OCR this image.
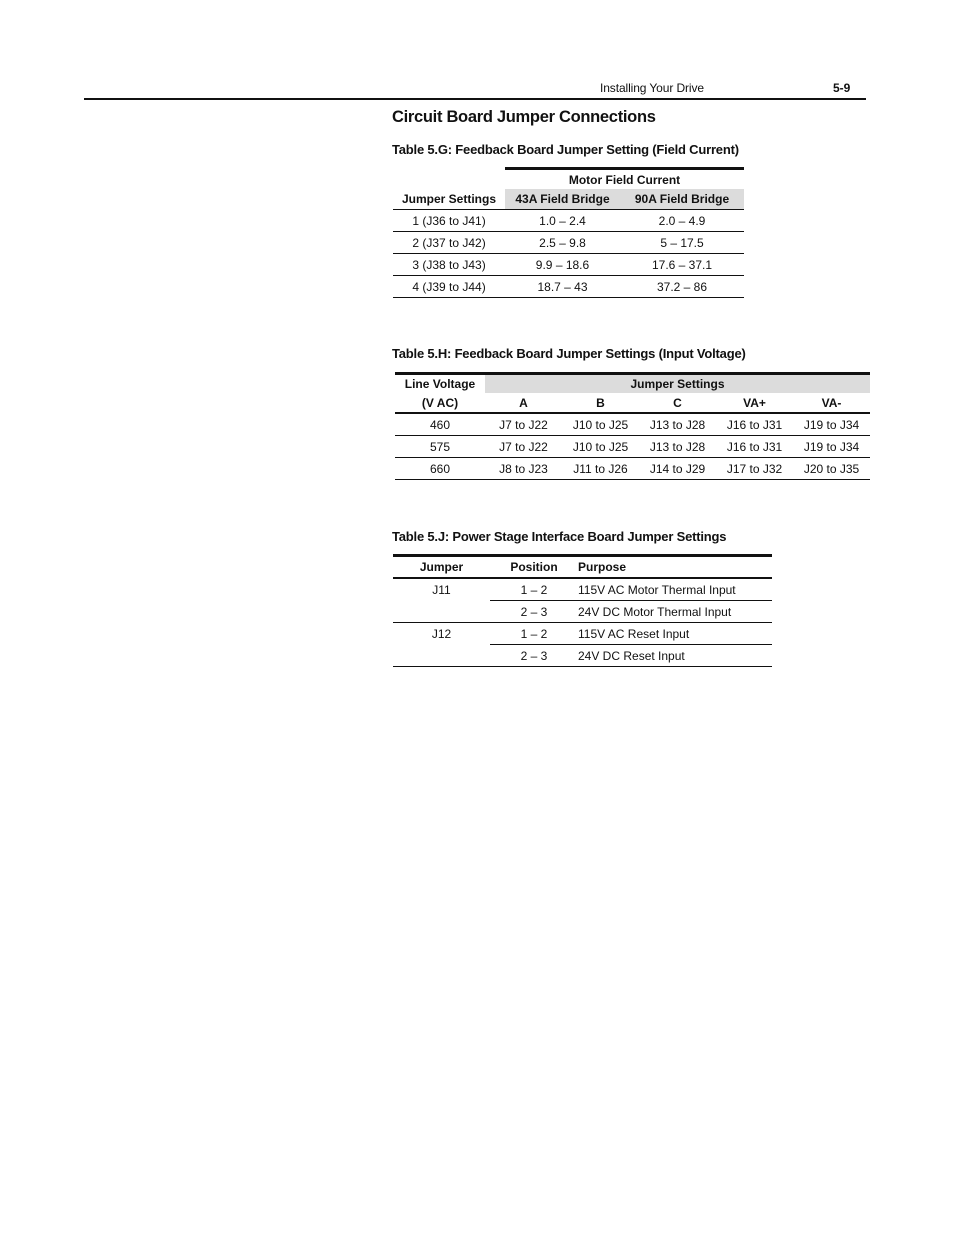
Installing Your Drive	5-9
Circuit Board Jumper Connections
Table 5.G: Feedback Board Jumper Setting (Field Current)
	Motor Field Current	
Jumper Settings	43A Field Bridge	90A Field Bridge
1 (J36 to J41)	1.0 – 2.4	2.0 – 4.9
2 (J37 to J42)	2.5 – 9.8	5 – 17.5
3 (J38 to J43)	9.9 – 18.6	17.6 – 37.1
4 (J39 to J44)	18.7 – 43	37.2 – 86
Table 5.H: Feedback Board Jumper Settings (Input Voltage)
Line Voltage	Jumper Settings				
(V AC)	A	B	C	VA+	VA-
460	J7 to J22	J10 to J25	J13 to J28	J16 to J31	J19 to J34
575	J7 to J22	J10 to J25	J13 to J28	J16 to J31	J19 to J34
660	J8 to J23	J11 to J26	J14 to J29	J17 to J32	J20 to J35
Table 5.J: Power Stage Interface Board Jumper Settings
Jumper	Position	Purpose
J11	1 – 2	115V AC Motor Thermal Input
	2 – 3	24V DC Motor Thermal Input
J12	1 – 2	115V AC Reset Input
	2 – 3	24V DC Reset Input
